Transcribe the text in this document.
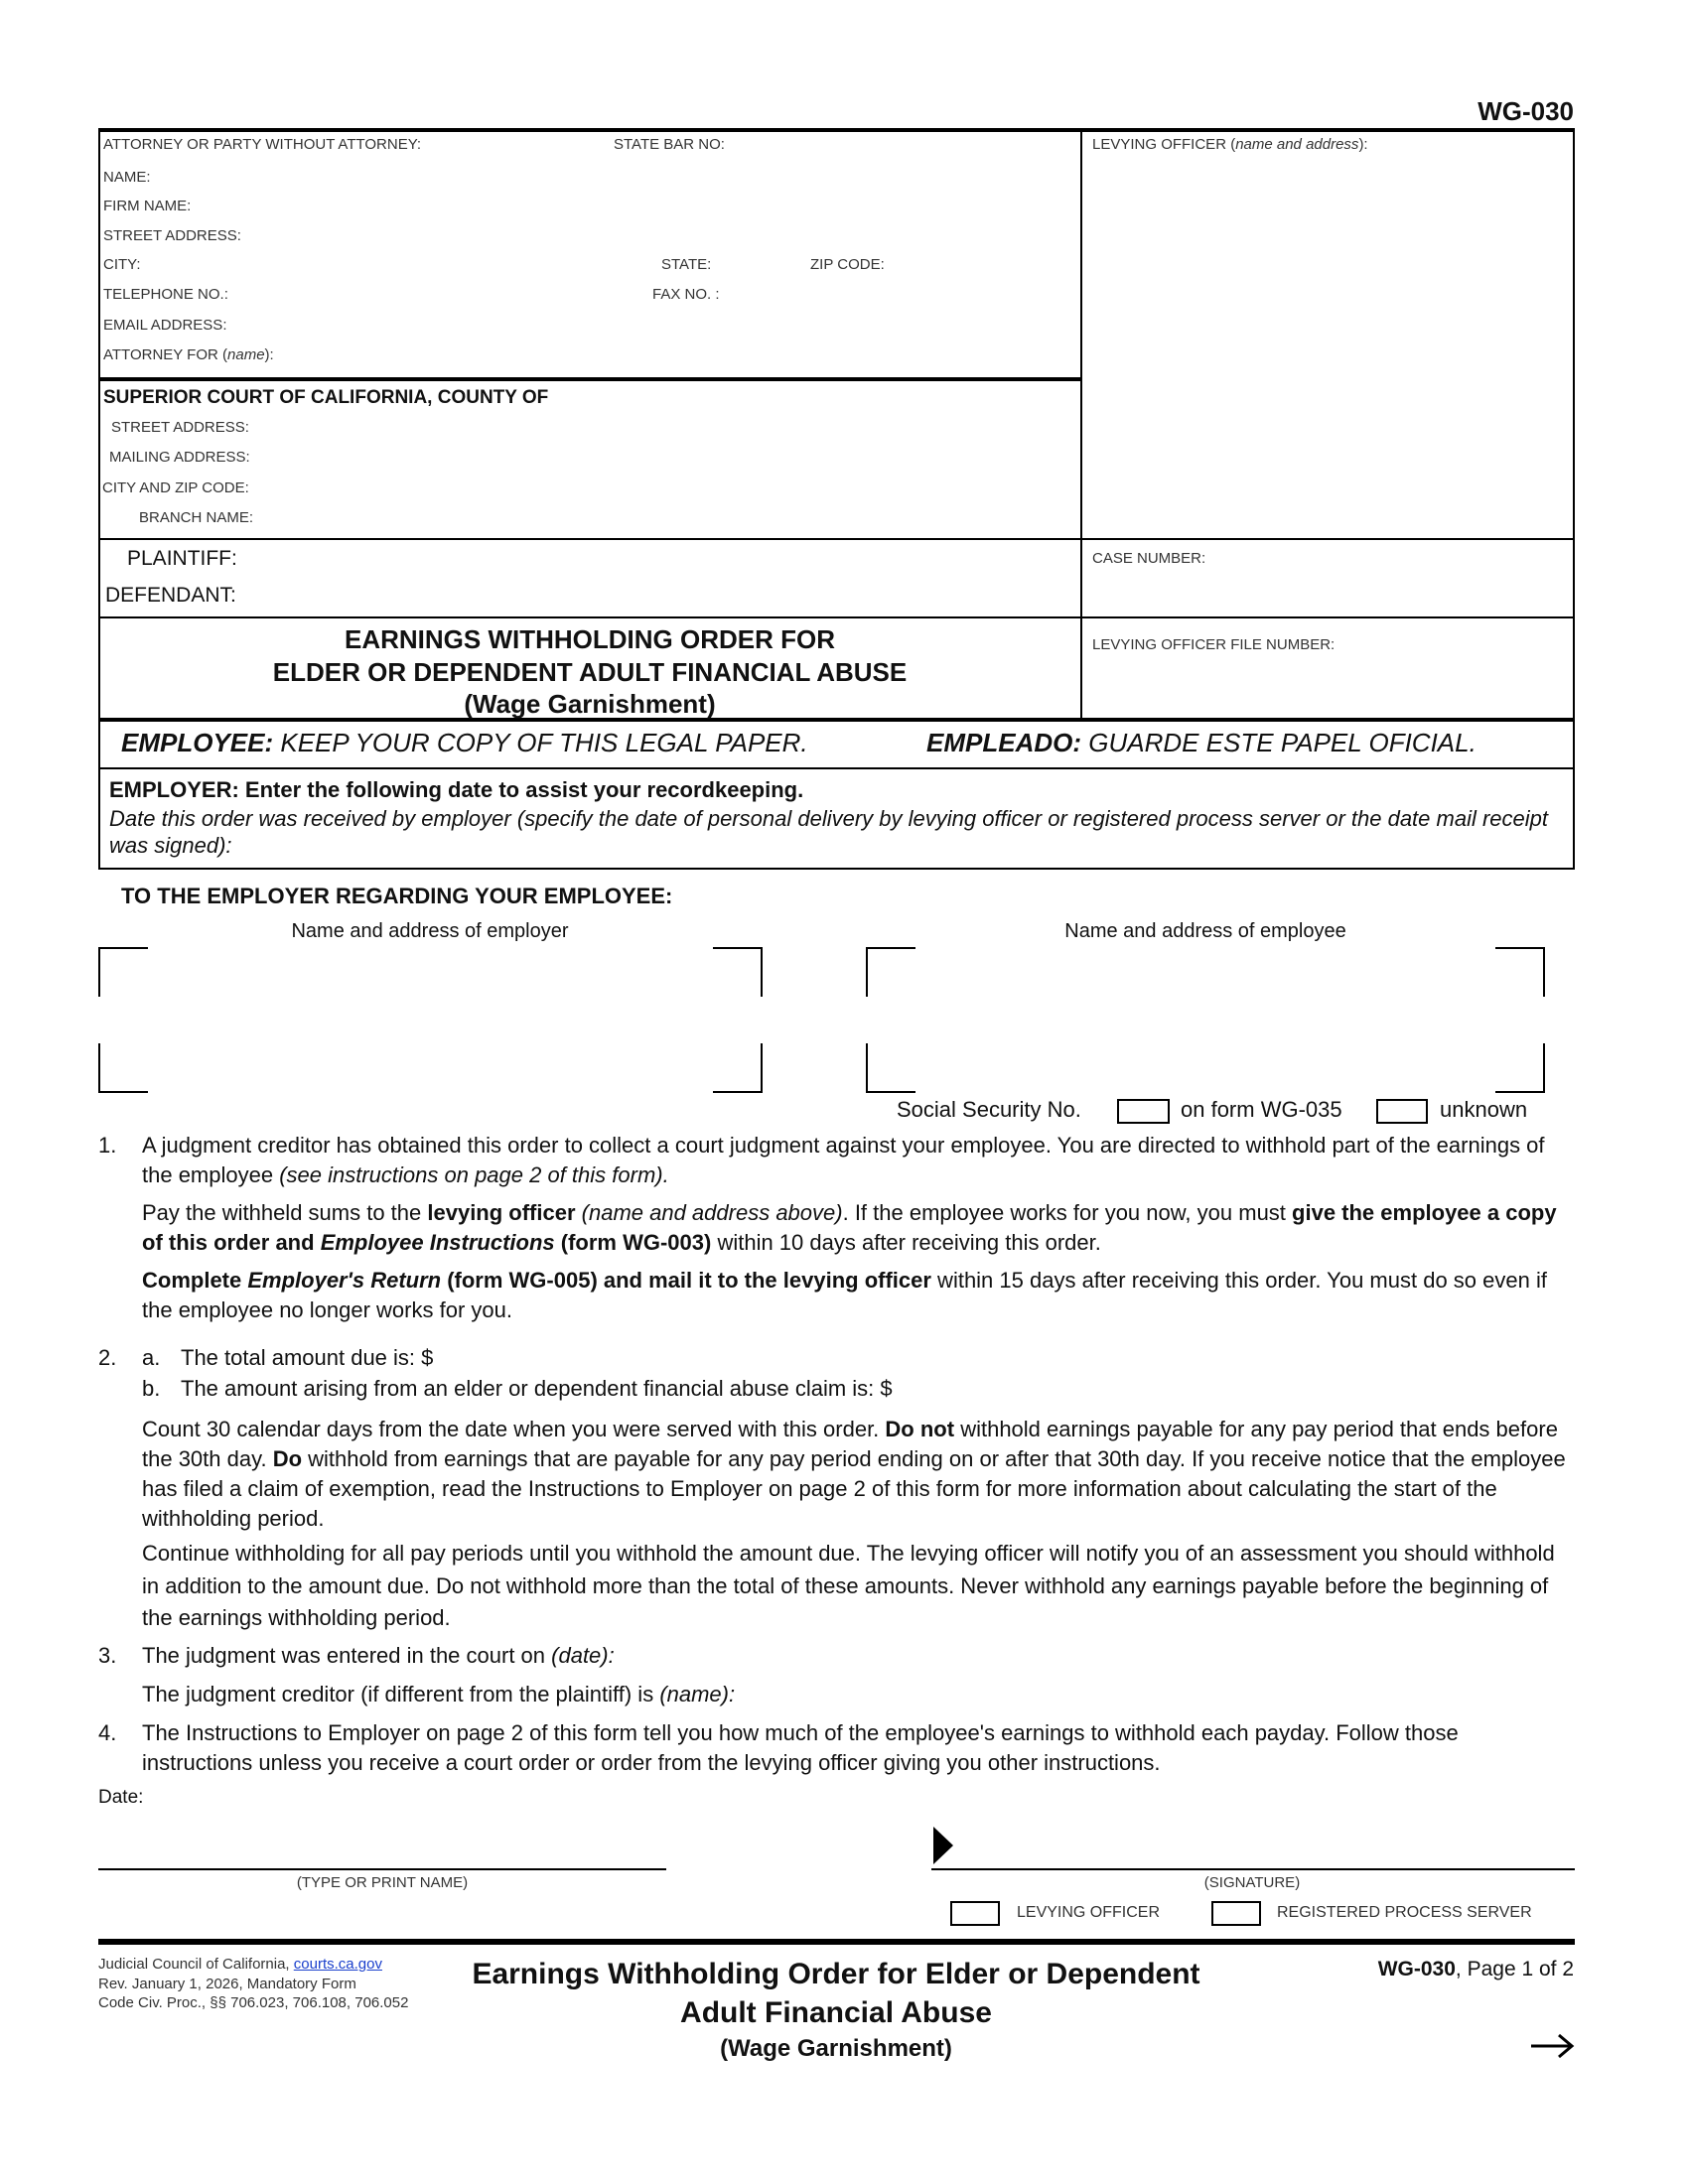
WG-030
ATTORNEY OR PARTY WITHOUT ATTORNEY:	STATE BAR NO:
NAME:
FIRM NAME:
STREET ADDRESS:
CITY:	STATE:	ZIP CODE:
TELEPHONE NO.:	FAX NO. :
EMAIL ADDRESS:
ATTORNEY FOR (name):
LEVYING OFFICER (name and address):
SUPERIOR COURT OF CALIFORNIA, COUNTY OF
STREET ADDRESS:
MAILING ADDRESS:
CITY AND ZIP CODE:
BRANCH NAME:
PLAINTIFF:
DEFENDANT:
CASE NUMBER:
LEVYING OFFICER FILE NUMBER:
EARNINGS WITHHOLDING ORDER FOR
ELDER OR DEPENDENT ADULT FINANCIAL ABUSE
(Wage Garnishment)
EMPLOYEE: KEEP YOUR COPY OF THIS LEGAL PAPER.	EMPLEADO: GUARDE ESTE PAPEL OFICIAL.
EMPLOYER: Enter the following date to assist your recordkeeping.
Date this order was received by employer (specify the date of personal delivery by levying officer or registered process server or the date mail receipt was signed):
TO THE EMPLOYER REGARDING YOUR EMPLOYEE:
Name and address of employer	Name and address of employee
Social Security No.	on form WG-035	unknown
1. A judgment creditor has obtained this order to collect a court judgment against your employee. You are directed to withhold part of the earnings of the employee (see instructions on page 2 of this form).
Pay the withheld sums to the levying officer (name and address above). If the employee works for you now, you must give the employee a copy of this order and Employee Instructions (form WG-003) within 10 days after receiving this order.
Complete Employer's Return (form WG-005) and mail it to the levying officer within 15 days after receiving this order. You must do so even if the employee no longer works for you.
2. a. The total amount due is: $
b. The amount arising from an elder or dependent financial abuse claim is: $
Count 30 calendar days from the date when you were served with this order. Do not withhold earnings payable for any pay period that ends before the 30th day. Do withhold from earnings that are payable for any pay period ending on or after that 30th day. If you receive notice that the employee has filed a claim of exemption, read the Instructions to Employer on page 2 of this form for more information about calculating the start of the withholding period.
Continue withholding for all pay periods until you withhold the amount due. The levying officer will notify you of an assessment you should withhold in addition to the amount due. Do not withhold more than the total of these amounts. Never withhold any earnings payable before the beginning of the earnings withholding period.
3. The judgment was entered in the court on (date):
The judgment creditor (if different from the plaintiff) is (name):
4. The Instructions to Employer on page 2 of this form tell you how much of the employee's earnings to withhold each payday. Follow those instructions unless you receive a court order or order from the levying officer giving you other instructions.
Date:
(TYPE OR PRINT NAME)	(SIGNATURE)
LEVYING OFFICER	REGISTERED PROCESS SERVER
Judicial Council of California, courts.ca.gov
Rev. January 1, 2026, Mandatory Form
Code Civ. Proc., §§ 706.023, 706.108, 706.052
Earnings Withholding Order for Elder or Dependent
Adult Financial Abuse
(Wage Garnishment)
WG-030, Page 1 of 2
